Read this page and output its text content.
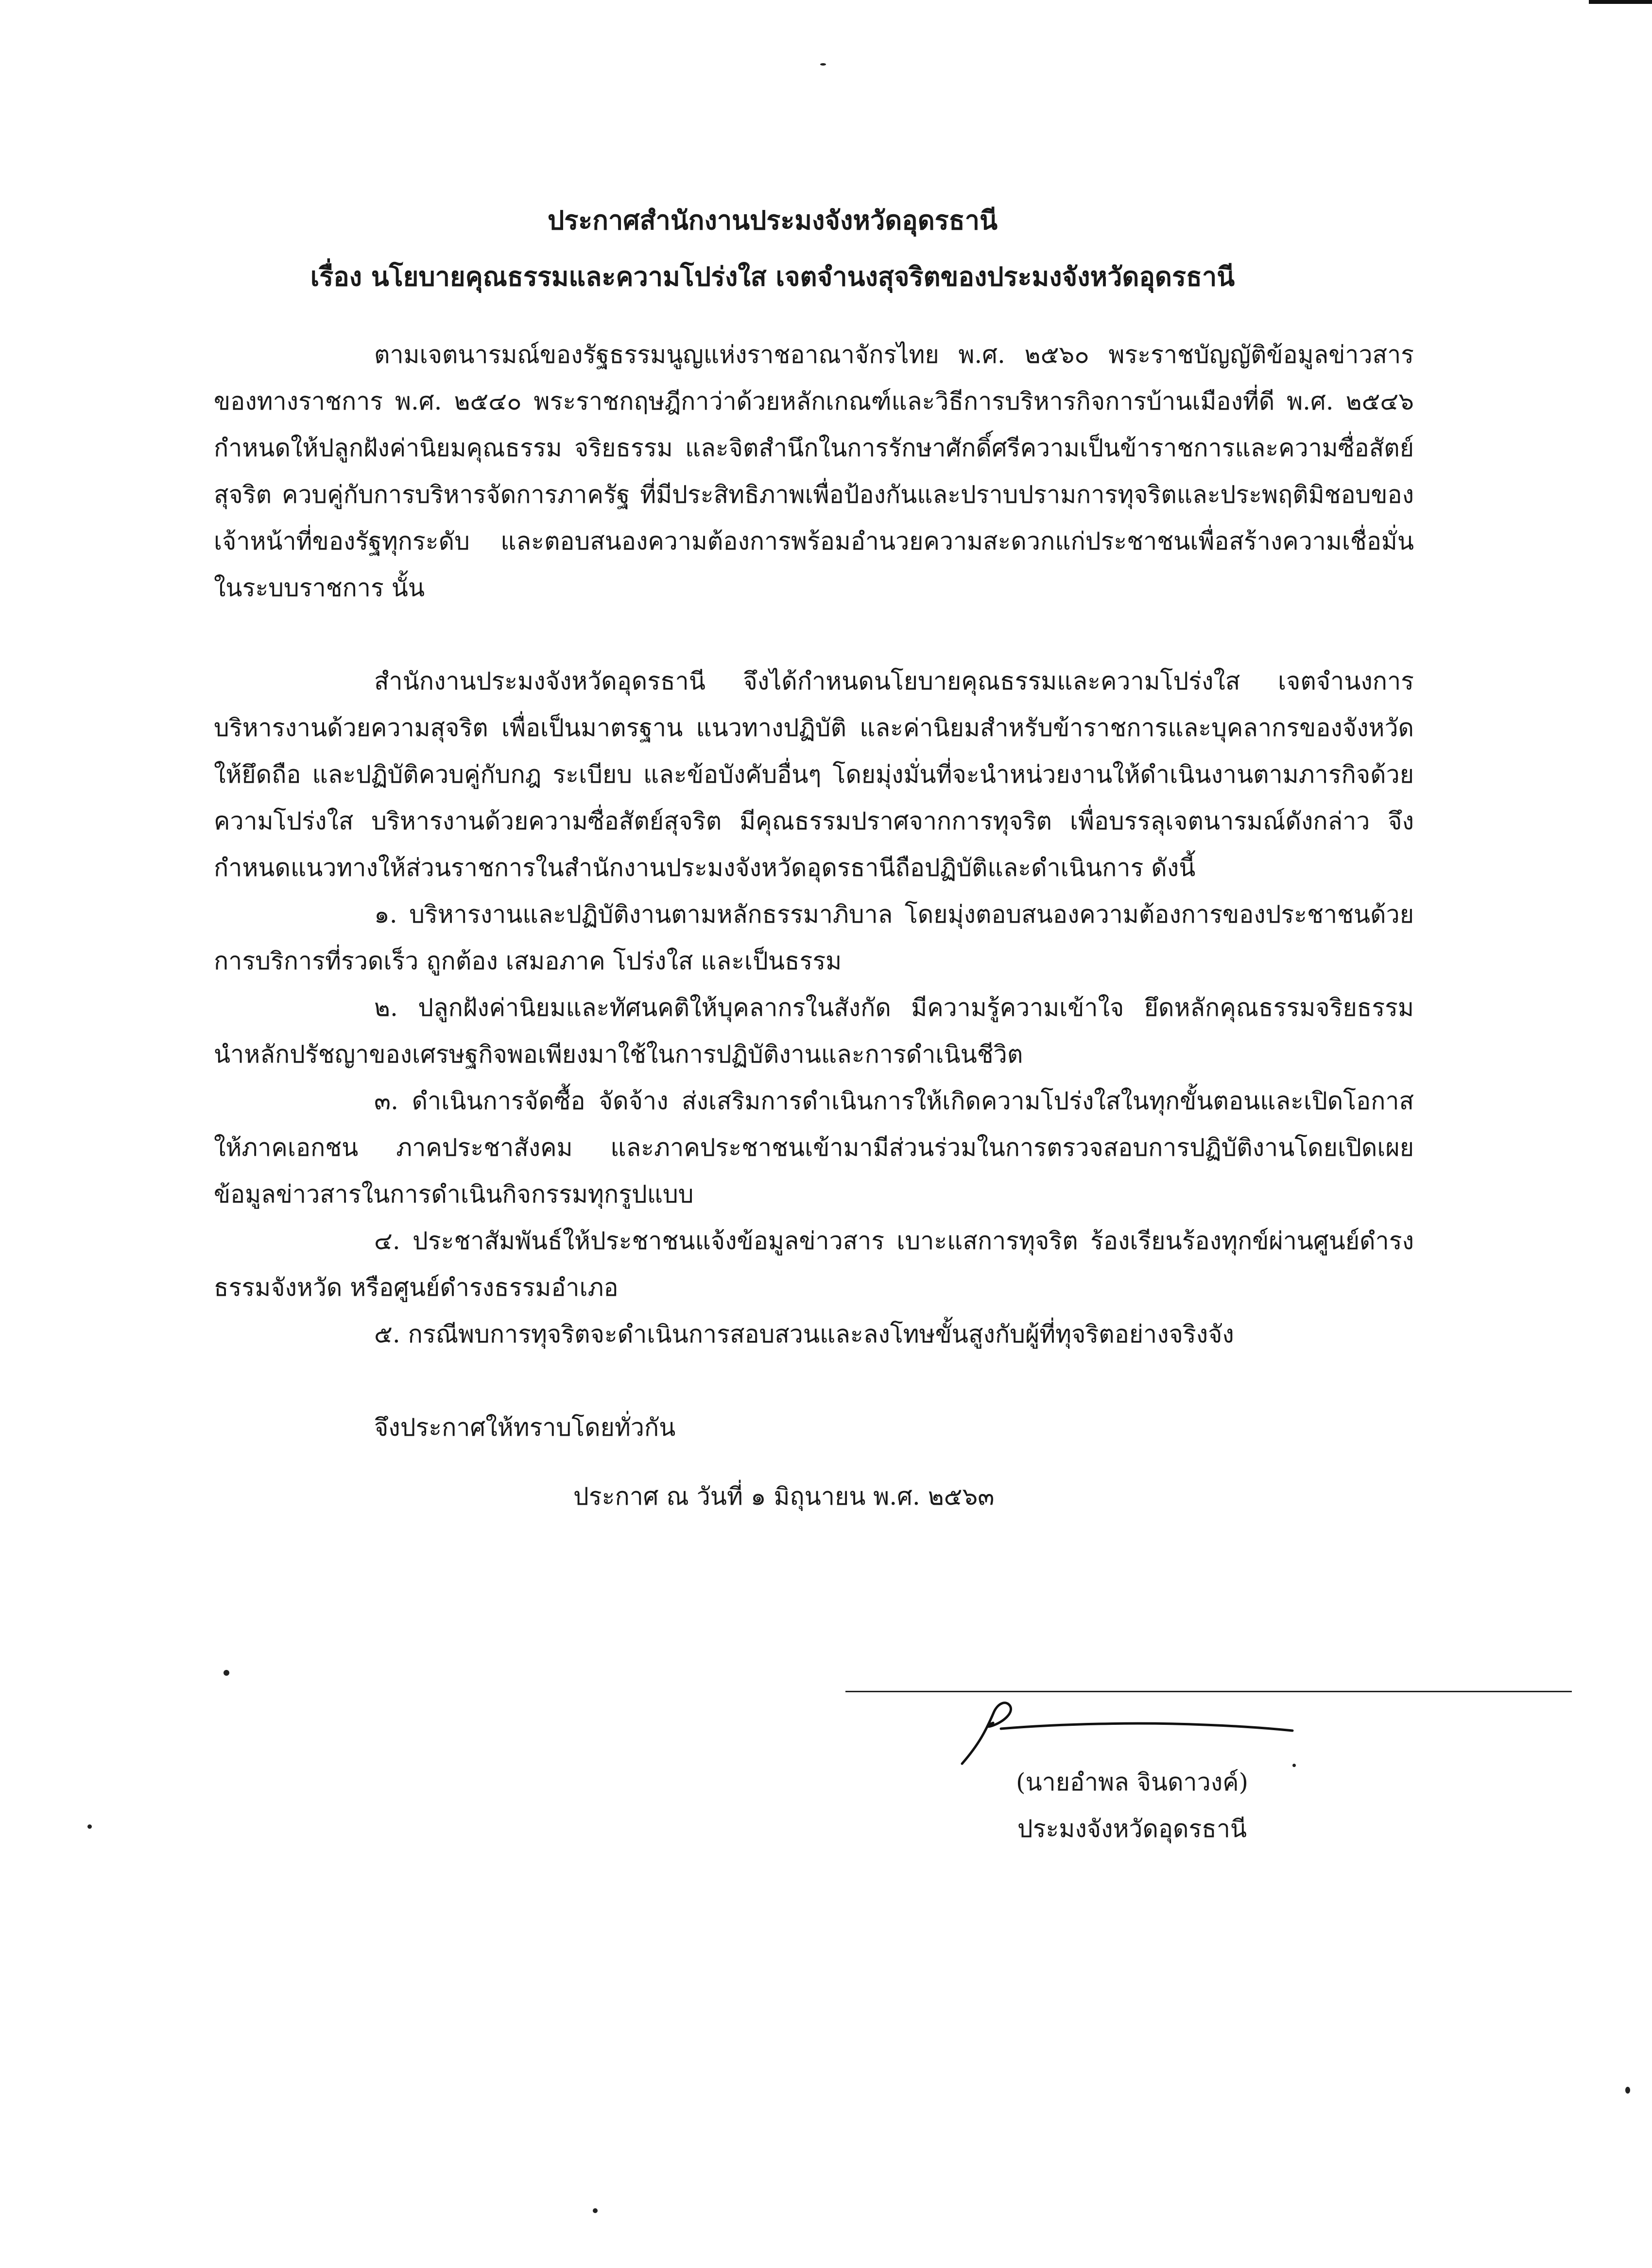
ประกาศสำนักงานประมงจังหวัดอุดรธานี
เรื่อง นโยบายคุณธรรมและความโปร่งใส เจตจำนงสุจริตของประมงจังหวัดอุดรธานี

ตามเจตนารมณ์ของรัฐธรรมนูญแห่งราชอาณาจักรไทย พ.ศ. ๒๕๖๐ พระราชบัญญัติข้อมูลข่าวสารของทางราชการ พ.ศ. ๒๕๔๐ พระราชกฤษฎีกาว่าด้วยหลักเกณฑ์และวิธีการบริหารกิจการบ้านเมืองที่ดี พ.ศ. ๒๕๔๖ กำหนดให้ปลูกฝังค่านิยมคุณธรรม จริยธรรม และจิตสำนึกในการรักษาศักดิ์ศรีความเป็นข้าราชการและความซื่อสัตย์สุจริต ควบคู่กับการบริหารจัดการภาครัฐ ที่มีประสิทธิภาพเพื่อป้องกันและปราบปรามการทุจริตและประพฤติมิชอบของเจ้าหน้าที่ของรัฐทุกระดับ และตอบสนองความต้องการพร้อมอำนวยความสะดวกแก่ประชาชนเพื่อสร้างความเชื่อมั่นในระบบราชการ นั้น

สำนักงานประมงจังหวัดอุดรธานี จึงได้กำหนดนโยบายคุณธรรมและความโปร่งใส เจตจำนงการบริหารงานด้วยความสุจริต เพื่อเป็นมาตรฐาน แนวทางปฏิบัติ และค่านิยมสำหรับข้าราชการและบุคลากรของจังหวัดให้ยึดถือ และปฏิบัติควบคู่กับกฎ ระเบียบ และข้อบังคับอื่นๆ โดยมุ่งมั่นที่จะนำหน่วยงานให้ดำเนินงานตามภารกิจด้วยความโปร่งใส บริหารงานด้วยความซื่อสัตย์สุจริต มีคุณธรรมปราศจากการทุจริต เพื่อบรรลุเจตนารมณ์ดังกล่าว จึงกำหนดแนวทางให้ส่วนราชการในสำนักงานประมงจังหวัดอุดรธานีถือปฏิบัติและดำเนินการ ดังนี้

๑. บริหารงานและปฏิบัติงานตามหลักธรรมาภิบาล โดยมุ่งตอบสนองความต้องการของประชาชนด้วยการบริการที่รวดเร็ว ถูกต้อง เสมอภาค โปร่งใส และเป็นธรรม

๒. ปลูกฝังค่านิยมและทัศนคติให้บุคลากรในสังกัด มีความรู้ความเข้าใจ ยึดหลักคุณธรรมจริยธรรม นำหลักปรัชญาของเศรษฐกิจพอเพียงมาใช้ในการปฏิบัติงานและการดำเนินชีวิต

๓. ดำเนินการจัดซื้อ จัดจ้าง ส่งเสริมการดำเนินการให้เกิดความโปร่งใสในทุกขั้นตอนและเปิดโอกาสให้ภาคเอกชน ภาคประชาสังคม และภาคประชาชนเข้ามามีส่วนร่วมในการตรวจสอบการปฏิบัติงานโดยเปิดเผยข้อมูลข่าวสารในการดำเนินกิจกรรมทุกรูปแบบ

๔. ประชาสัมพันธ์ให้ประชาชนแจ้งข้อมูลข่าวสาร เบาะแสการทุจริต ร้องเรียนร้องทุกข์ผ่านศูนย์ดำรงธรรมจังหวัด หรือศูนย์ดำรงธรรมอำเภอ

๕. กรณีพบการทุจริตจะดำเนินการสอบสวนและลงโทษขั้นสูงกับผู้ที่ทุจริตอย่างจริงจัง

จึงประกาศให้ทราบโดยทั่วกัน
ประกาศ ณ วันที่ ๑ มิถุนายน พ.ศ. ๒๕๖๓
(นายอำพล จินดาวงค์)
ประมงจังหวัดอุดรธานี
